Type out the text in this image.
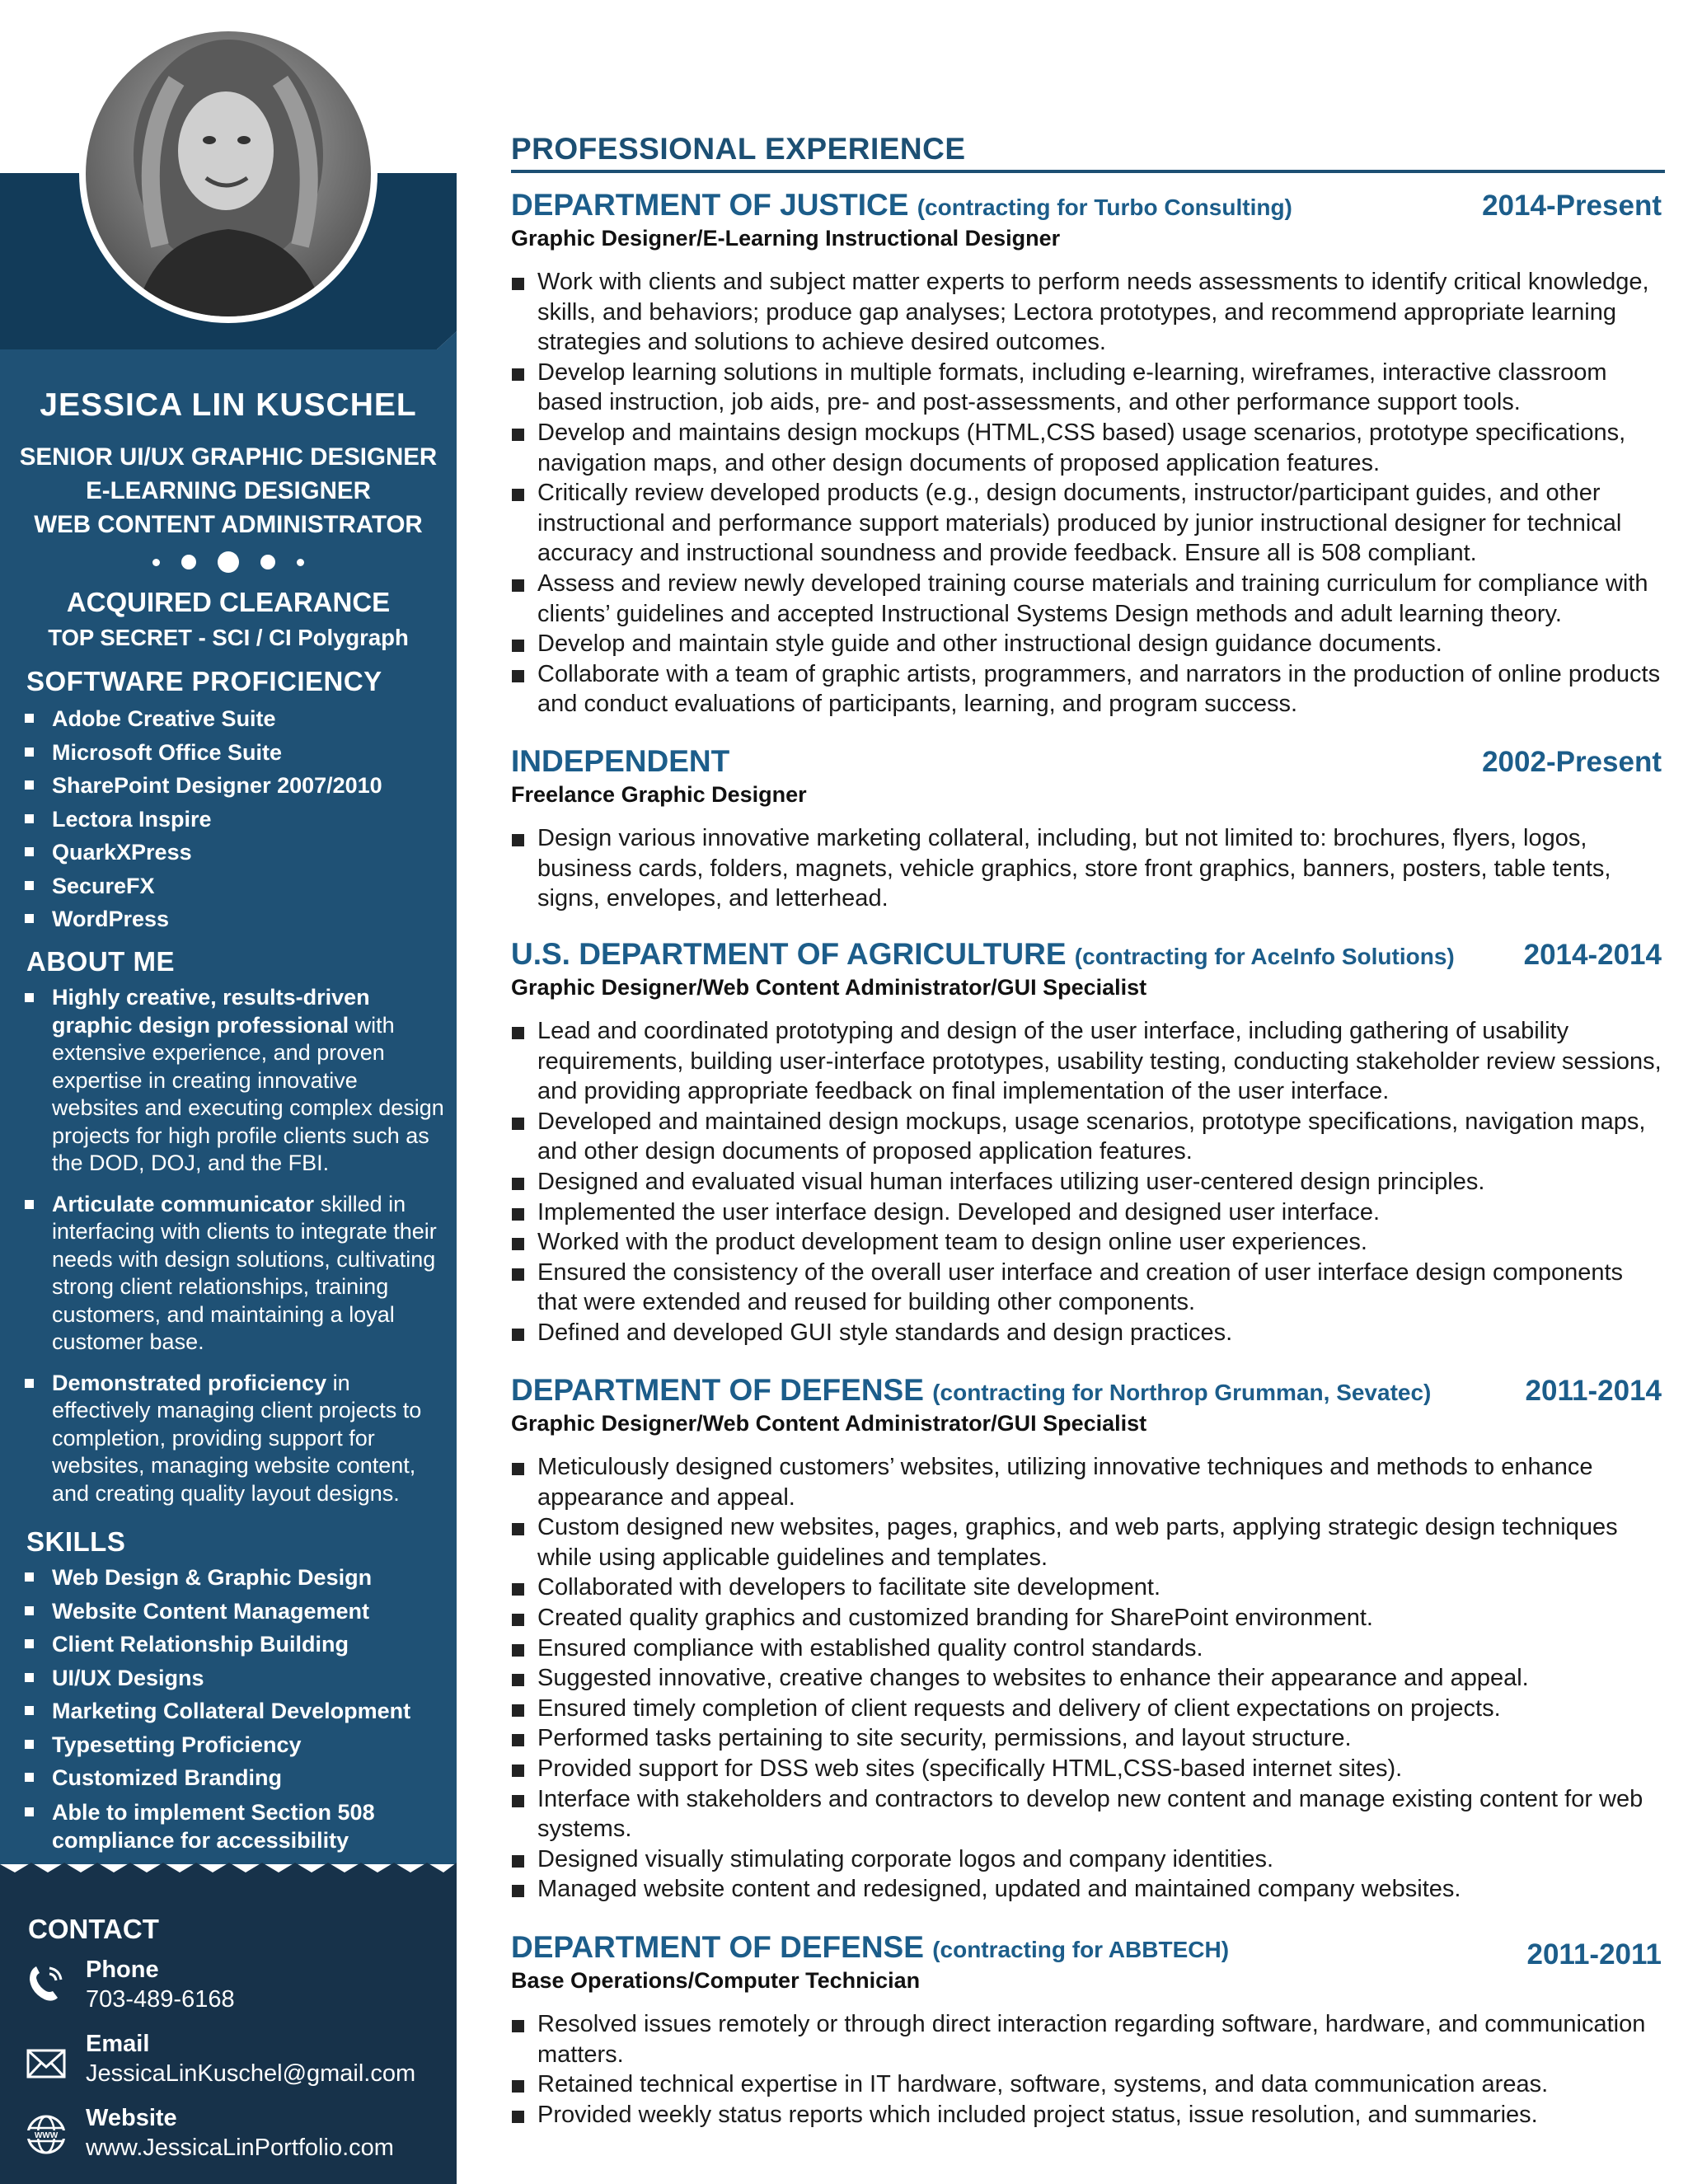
JESSICA LIN KUSCHEL
SENIOR UI/UX GRAPHIC DESIGNER
E-LEARNING DESIGNER
WEB CONTENT ADMINISTRATOR
ACQUIRED CLEARANCE
TOP SECRET - SCI / CI Polygraph
SOFTWARE PROFICIENCY
Adobe Creative Suite
Microsoft Office Suite
SharePoint Designer 2007/2010
Lectora Inspire
QuarkXPress
SecureFX
WordPress
ABOUT ME
Highly creative, results-driven graphic design professional with extensive experience, and proven expertise in creating innovative websites and executing complex design projects for high profile clients such as the DOD, DOJ, and the FBI.
Articulate communicator skilled in interfacing with clients to integrate their needs with design solutions, cultivating strong client relationships, training customers, and maintaining a loyal customer base.
Demonstrated proficiency in effectively managing client projects to completion, providing support for websites, managing website content, and creating quality layout designs.
SKILLS
Web Design & Graphic Design
Website Content Management
Client Relationship Building
UI/UX Designs
Marketing Collateral Development
Typesetting Proficiency
Customized Branding
Able to implement Section 508 compliance for accessibility
CONTACT
Phone
703-489-6168
Email
JessicaLinKuschel@gmail.com
WWW
Website
www.JessicaLinPortfolio.com
PROFESSIONAL EXPERIENCE
DEPARTMENT OF JUSTICE (contracting for Turbo Consulting)	2014-Present
Graphic Designer/E-Learning Instructional Designer
Work with clients and subject matter experts to perform needs assessments to identify critical knowledge, skills, and behaviors; produce gap analyses; Lectora prototypes, and recommend appropriate learning strategies and solutions to achieve desired outcomes.
Develop learning solutions in multiple formats, including e-learning, wireframes, interactive classroom based instruction, job aids, pre- and post-assessments, and other performance support tools.
Develop and maintains design mockups (HTML,CSS based) usage scenarios, prototype specifications, navigation maps, and other design documents of proposed application features.
Critically review developed products (e.g., design documents, instructor/participant guides, and other instructional and performance support materials) produced by junior instructional designer for technical accuracy and instructional soundness and provide feedback. Ensure all is 508 compliant.
Assess and review newly developed training course materials and training curriculum for compliance with clients’ guidelines and accepted Instructional Systems Design methods and adult learning theory.
Develop and maintain style guide and other instructional design guidance documents.
Collaborate with a team of graphic artists, programmers, and narrators in the production of online products and conduct evaluations of participants, learning, and program success.
INDEPENDENT	2002-Present
Freelance Graphic Designer
Design various innovative marketing collateral, including, but not limited to: brochures, flyers, logos, business cards, folders, magnets, vehicle graphics, store front graphics, banners, posters, table tents, signs, envelopes, and letterhead.
U.S. DEPARTMENT OF AGRICULTURE (contracting for AceInfo Solutions) 2014-2014
Graphic Designer/Web Content Administrator/GUI Specialist
Lead and coordinated prototyping and design of the user interface, including gathering of usability requirements, building user-interface prototypes, usability testing, conducting stakeholder review sessions, and providing appropriate feedback on final implementation of the user interface.
Developed and maintained design mockups, usage scenarios, prototype specifications, navigation maps, and other design documents of proposed application features.
Designed and evaluated visual human interfaces utilizing user-centered design principles.
Implemented the user interface design. Developed and designed user interface.
Worked with the product development team to design online user experiences.
Ensured the consistency of the overall user interface and creation of user interface design components that were extended and reused for building other components.
Defined and developed GUI style standards and design practices.
DEPARTMENT OF DEFENSE (contracting for Northrop Grumman, Sevatec)	2011-2014
Graphic Designer/Web Content Administrator/GUI Specialist
Meticulously designed customers’ websites, utilizing innovative techniques and methods to enhance appearance and appeal.
Custom designed new websites, pages, graphics, and web parts, applying strategic design techniques while using applicable guidelines and templates.
Collaborated with developers to facilitate site development.
Created quality graphics and customized branding for SharePoint environment.
Ensured compliance with established quality control standards.
Suggested innovative, creative changes to websites to enhance their appearance and appeal.
Ensured timely completion of client requests and delivery of client expectations on projects.
Performed tasks pertaining to site security, permissions, and layout structure.
Provided support for DSS web sites (specifically HTML,CSS-based internet sites).
Interface with stakeholders and contractors to develop new content and manage existing content for web systems.
Designed visually stimulating corporate logos and company identities.
Managed website content and redesigned, updated and maintained company websites.
DEPARTMENT OF DEFENSE (contracting for ABBTECH)	2011-2011
Base Operations/Computer Technician
Resolved issues remotely or through direct interaction regarding software, hardware, and communication matters.
Retained technical expertise in IT hardware, software, systems, and data communication areas.
Provided weekly status reports which included project status, issue resolution, and summaries.
